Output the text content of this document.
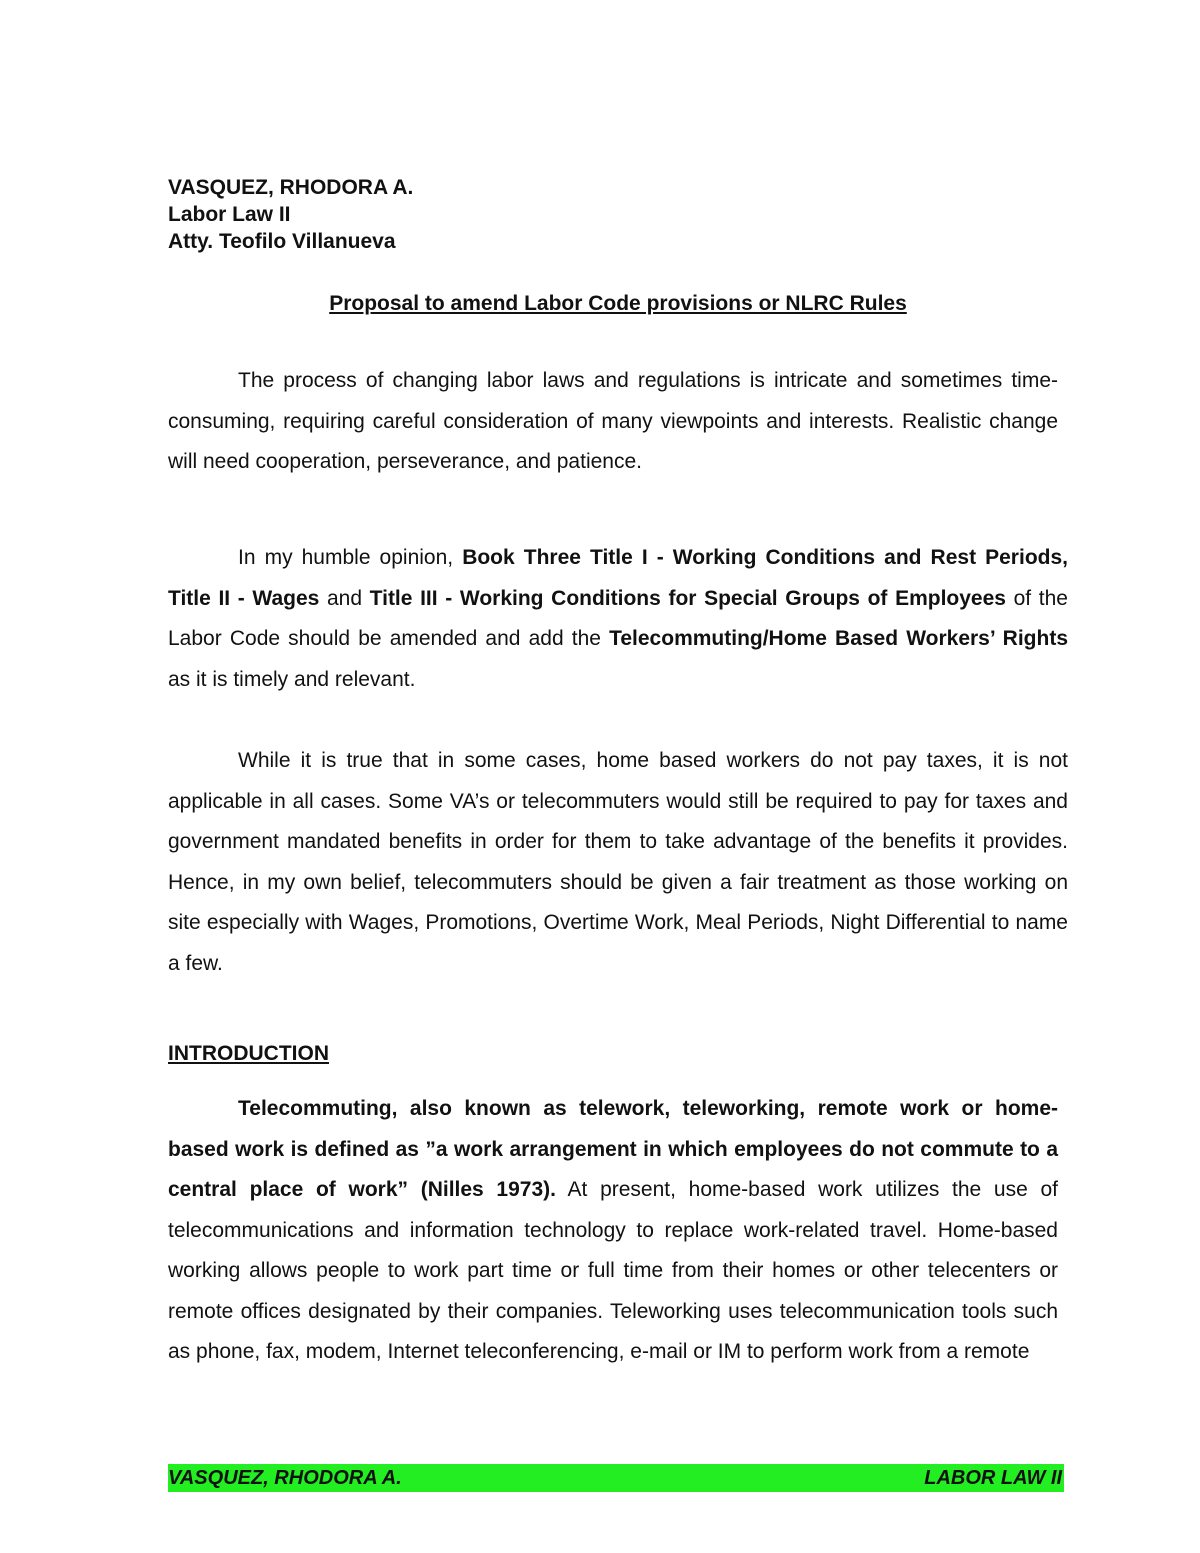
VASQUEZ, RHODORA A.
Labor Law II
Atty. Teofilo Villanueva
Proposal to amend Labor Code provisions or NLRC Rules
The process of changing labor laws and regulations is intricate and sometimes time-consuming, requiring careful consideration of many viewpoints and interests. Realistic change will need cooperation, perseverance, and patience.
In my humble opinion, Book Three Title I - Working Conditions and Rest Periods, Title II - Wages and Title III - Working Conditions for Special Groups of Employees of the Labor Code should be amended and add the Telecommuting/Home Based Workers’ Rights as it is timely and relevant.
While it is true that in some cases, home based workers do not pay taxes, it is not applicable in all cases. Some VA’s or telecommuters would still be required to pay for taxes and government mandated benefits in order for them to take advantage of the benefits it provides. Hence, in my own belief, telecommuters should be given a fair treatment as those working on site especially with Wages, Promotions, Overtime Work, Meal Periods, Night Differential to name a few.
INTRODUCTION
Telecommuting, also known as telework, teleworking, remote work or home-based work is defined as ”a work arrangement in which employees do not commute to a central place of work” (Nilles 1973). At present, home-based work utilizes the use of telecommunications and information technology to replace work-related travel. Home-based working allows people to work part time or full time from their homes or other telecenters or remote offices designated by their companies. Teleworking uses telecommunication tools such as phone, fax, modem, Internet teleconferencing, e-mail or IM to perform work from a remote
VASQUEZ, RHODORA A.	LABOR LAW II
